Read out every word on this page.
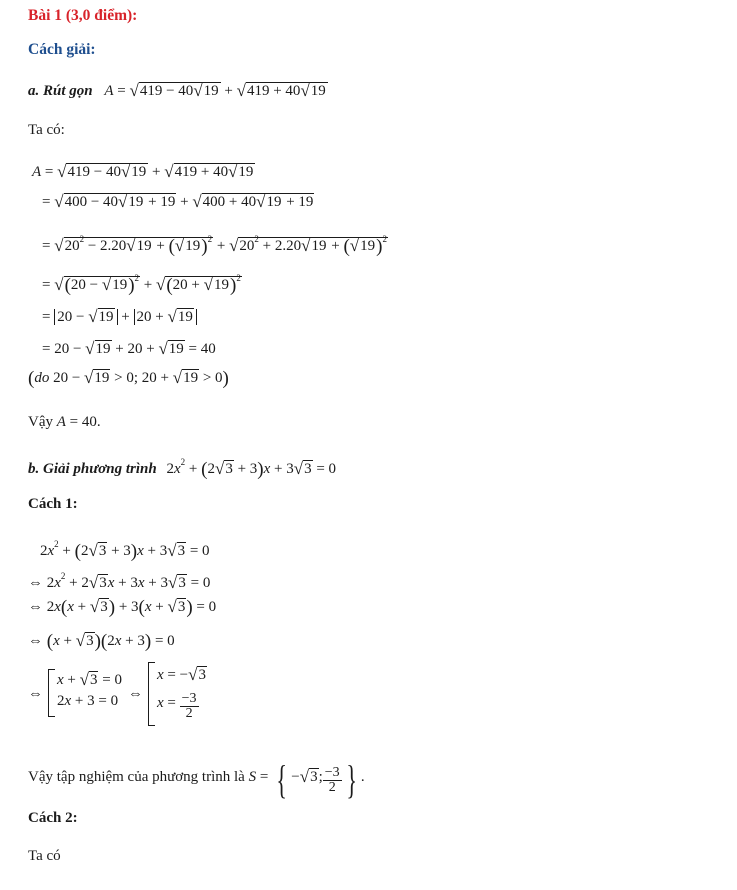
Bài 1 (3,0 điểm):
Cách giải:
a. Rút gọn A = √419 − 40√19 + √419 + 40√19
Ta có:
A = √419 − 40√19 + √419 + 40√19
= √400 − 40√19 + 19 + √400 + 40√19 + 19
= $√20^2 - 2.20√19 + (√19)^2 + √20^2 + 2.20√19 + (√19)^2$
= $√(20 - √19)^2 + √(20 + √19)^2$
= 20 − √19 + 20 + √19
= 20 − √19 + 20 + √19 = 40
(do 20 − √19 > 0; 20 + √19 > 0)
Vậy A = 40.
b. Giải phương trình $2x^2 + (2√3 + 3)x + 3√3 = 0$
Cách 1:
$2x^2 + (2√3 + 3)x + 3√3 = 0$
⇔ $2x^2 + 2√3x + 3x + 3√3 = 0$
⇔ 2x(x + √3) + 3(x + √3) = 0
⇔ (x + √3)(2x + 3) = 0
⇔
x + √3 = 0
2x + 3 = 0 ⇔
x = −√3
$x = \frac{-3}{2}$
Vậy tập nghiệm của phương trình là S = { −√3; $\frac{-3}{2}$ } .
Cách 2:
Ta có
